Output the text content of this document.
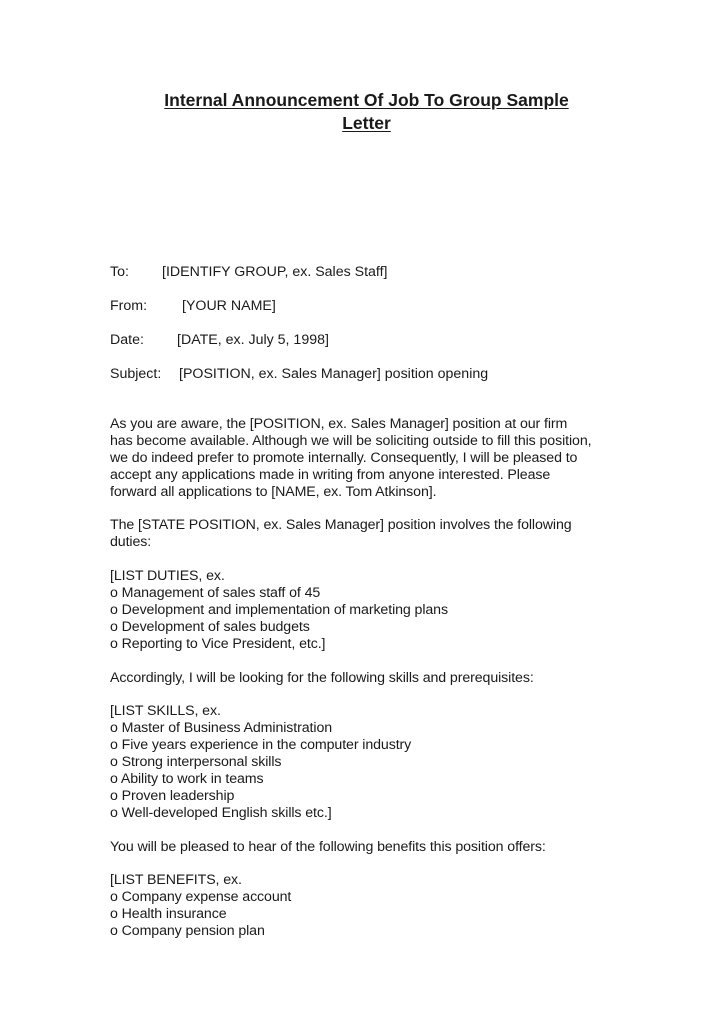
Internal Announcement Of Job To Group Sample
Letter
To: [IDENTIFY GROUP, ex. Sales Staff]
From: [YOUR NAME]
Date: [DATE, ex. July 5, 1998]
Subject: [POSITION, ex. Sales Manager] position opening
As you are aware, the [POSITION, ex. Sales Manager] position at our firm
has become available. Although we will be soliciting outside to fill this position,
we do indeed prefer to promote internally. Consequently, I will be pleased to
accept any applications made in writing from anyone interested. Please
forward all applications to [NAME, ex. Tom Atkinson].
The [STATE POSITION, ex. Sales Manager] position involves the following
duties:
[LIST DUTIES, ex.
o Management of sales staff of 45
o Development and implementation of marketing plans
o Development of sales budgets
o Reporting to Vice President, etc.]
Accordingly, I will be looking for the following skills and prerequisites:
[LIST SKILLS, ex.
o Master of Business Administration
o Five years experience in the computer industry
o Strong interpersonal skills
o Ability to work in teams
o Proven leadership
o Well-developed English skills etc.]
You will be pleased to hear of the following benefits this position offers:
[LIST BENEFITS, ex.
o Company expense account
o Health insurance
o Company pension plan
